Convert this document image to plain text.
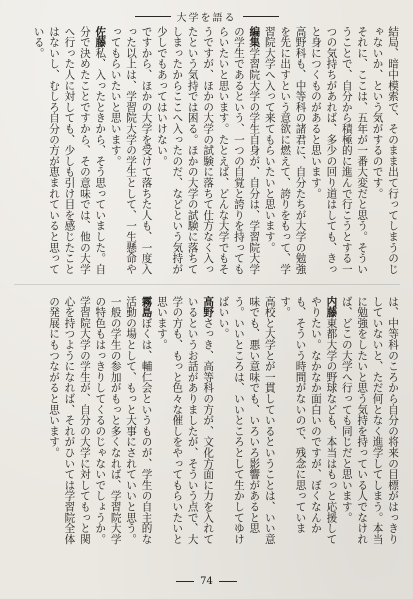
大学を語る

結局、暗中模索で、そのまま出て行ってしまうのじゃないか、という気がするのです。

それに、ここは、五年が一番大変だと思う。そういうことで、自分から積極的に進んで行こうとする一つの気持ちがあれば、多少の回り道はしても、きっと身につくものがあると思います。

高野科も、中等科の諸君に、自分たちが大学の勉強を先に出すという意欲に燃えて、誇りをもって、学習院大学へ入って来てもらいたいと思います。

編集学習院大学の学生自身が、自分は、学習院大学の学生であるという、一つの自覚と誇りを持ってもらいたいと思います。たとえば、どんな大学でもそうですが、ほかの大学の試験に落ちて仕方なく入ったという気持では困る。ほかの大学の試験に落ちてしまったからここへ入ったのだ、などという気持が少しでもあってはいけない。

ですから、ほかの大学を受けて落ちた人も、一度入った以上は、学習院大学の学生として、一生懸命やってもらいたいと思います。

佐藤私、入ったときから、そう思っていました。自分で決めたことですから、その意味では、他の大学へ行った人に対しても、少しも引け目を感じたことはないし、むしろ自分の方が恵まれていると思っている。

は、中等科のころから自分の将来の目標がはっきりしていないと、ただ何となく進学してしまう。本当に勉強をしたいと思う気持を持っている人でなければ、どこの大学へ行っても同じだと思います。

内藤東都大学の野球なども、本当はもっと応援してやりたい。なかなか面白いのですが、ぼくなんかも、そういう時間がないので、残念に思っています。

高校と大学とが一貫しているということは、いい意味でも、悪い意味でも、いろいろ影響があると思う。いいところは、いいところとして生かしてゆけばいい。

高野さっき、高等科の方が、文化方面に力を入れているというお話がありましたが、そういう点で、大学の方も、もっと色々な催しをやってもらいたいと思います。

霧島ぼくは、輔仁会というものが、学生の自主的な活動の場として、もっと大事にされていいと思う。一般の学生の参加がもっと多くなれば、学習院大学の特色もはっきりしてくるのじゃないでしょうか。

学習院大学の学生が、自分の大学に対してもっと関心を持つようになれば、それがひいては学習院全体の発展にもつながると思います。

74
